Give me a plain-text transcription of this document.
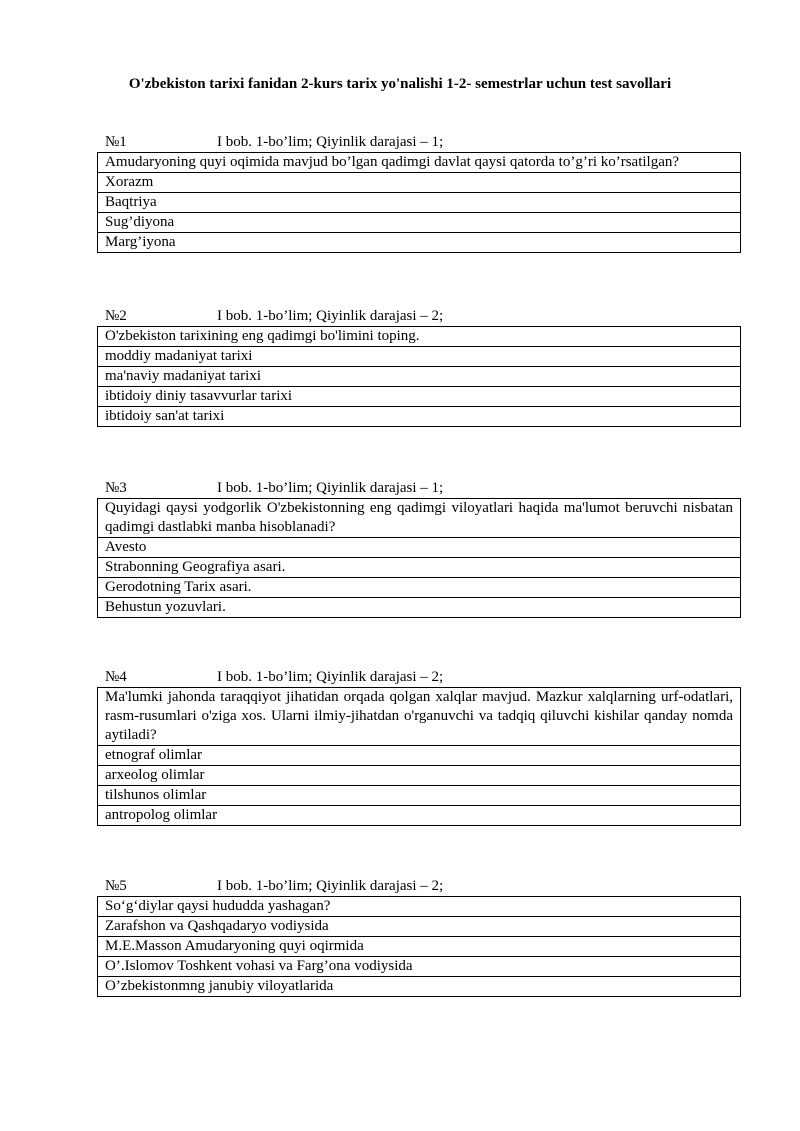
O'zbekiston tarixi fanidan 2-kurs tarix yo'nalishi 1-2- semestrlar uchun test savollari
№1	I bob. 1-bo’lim; Qiyinlik darajasi – 1;
Amudaryoning quyi oqimida mavjud bo’lgan qadimgi davlat qaysi qatorda to’g’ri ko’rsatilgan?
Xorazm
Baqtriya
Sug’diyona
Marg’iyona
№2	I bob. 1-bo’lim; Qiyinlik darajasi – 2;
O'zbekiston tarixining eng qadimgi bo'limini toping.
moddiy madaniyat tarixi
ma'naviy madaniyat tarixi
ibtidoiy diniy tasavvurlar tarixi
ibtidoiy san'at tarixi
№3	I bob. 1-bo’lim; Qiyinlik darajasi – 1;
Quyidagi qaysi yodgorlik O'zbekistonning eng qadimgi viloyatlari haqida ma'lumot beruvchi nisbatan qadimgi dastlabki manba hisoblanadi?
Avesto
Strabonning Geografiya asari.
Gerodotning Tarix asari.
Behustun yozuvlari.
№4	I bob. 1-bo’lim; Qiyinlik darajasi – 2;
Ma'lumki jahonda taraqqiyot jihatidan orqada qolgan xalqlar mavjud. Mazkur xalqlarning urf-odatlari, rasm-rusumlari o'ziga xos. Ularni ilmiy-jihatdan o'rganuvchi va tadqiq qiluvchi kishilar qanday nomda aytiladi?
etnograf olimlar
arxeolog olimlar
tilshunos olimlar
antropolog olimlar
№5	I bob. 1-bo’lim; Qiyinlik darajasi – 2;
So‘g‘diylar qaysi hududda yashagan?
Zarafshon va Qashqadaryo vodiysida
M.E.Masson Amudaryoning quyi oqirmida
O’.Islomov Toshkent vohasi va Farg’ona vodiysida
O’zbekistonmng janubiy viloyatlarida
